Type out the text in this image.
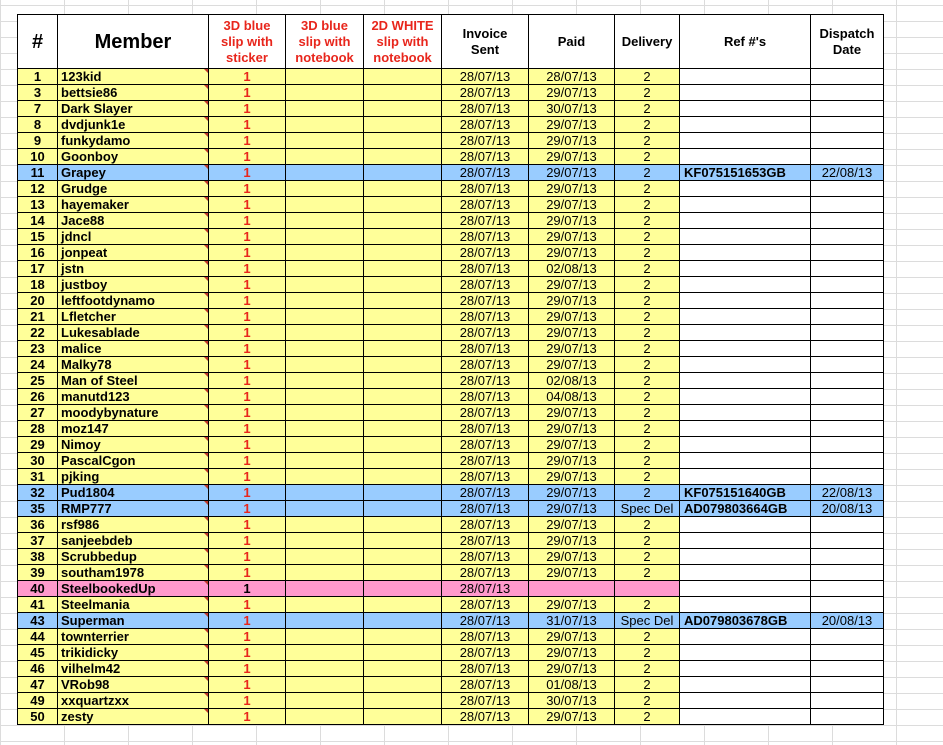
#	Member	3D blue
slip with
sticker	3D blue
slip with
notebook	2D WHITE
slip with
notebook	Invoice
Sent	Paid	Delivery	Ref #'s	Dispatch
Date

1	123kid	1			28/07/13	28/07/13	2		
3	bettsie86	1			28/07/13	29/07/13	2		
7	Dark Slayer	1			28/07/13	30/07/13	2		
8	dvdjunk1e	1			28/07/13	29/07/13	2		
9	funkydamo	1			28/07/13	29/07/13	2		
10	Goonboy	1			28/07/13	29/07/13	2		
11	Grapey	1			28/07/13	29/07/13	2	KF075151653GB	22/08/13
12	Grudge	1			28/07/13	29/07/13	2		
13	hayemaker	1			28/07/13	29/07/13	2		
14	Jace88	1			28/07/13	29/07/13	2		
15	jdncl	1			28/07/13	29/07/13	2		
16	jonpeat	1			28/07/13	29/07/13	2		
17	jstn	1			28/07/13	02/08/13	2		
18	justboy	1			28/07/13	29/07/13	2		
20	leftfootdynamo	1			28/07/13	29/07/13	2		
21	Lfletcher	1			28/07/13	29/07/13	2		
22	Lukesablade	1			28/07/13	29/07/13	2		
23	malice	1			28/07/13	29/07/13	2		
24	Malky78	1			28/07/13	29/07/13	2		
25	Man of Steel	1			28/07/13	02/08/13	2		
26	manutd123	1			28/07/13	04/08/13	2		
27	moodybynature	1			28/07/13	29/07/13	2		
28	moz147	1			28/07/13	29/07/13	2		
29	Nimoy	1			28/07/13	29/07/13	2		
30	PascalCgon	1			28/07/13	29/07/13	2		
31	pjking	1			28/07/13	29/07/13	2		
32	Pud1804	1			28/07/13	29/07/13	2	KF075151640GB	22/08/13
35	RMP777	1			28/07/13	29/07/13	Spec Del	AD079803664GB	20/08/13
36	rsf986	1			28/07/13	29/07/13	2		
37	sanjeebdeb	1			28/07/13	29/07/13	2		
38	Scrubbedup	1			28/07/13	29/07/13	2		
39	southam1978	1			28/07/13	29/07/13	2		
40	SteelbookedUp	1			28/07/13				
41	Steelmania	1			28/07/13	29/07/13	2		
43	Superman	1			28/07/13	31/07/13	Spec Del	AD079803678GB	20/08/13
44	townterrier	1			28/07/13	29/07/13	2		
45	trikidicky	1			28/07/13	29/07/13	2		
46	vilhelm42	1			28/07/13	29/07/13	2		
47	VRob98	1			28/07/13	01/08/13	2		
49	xxquartzxx	1			28/07/13	30/07/13	2		
50	zesty	1			28/07/13	29/07/13	2		
